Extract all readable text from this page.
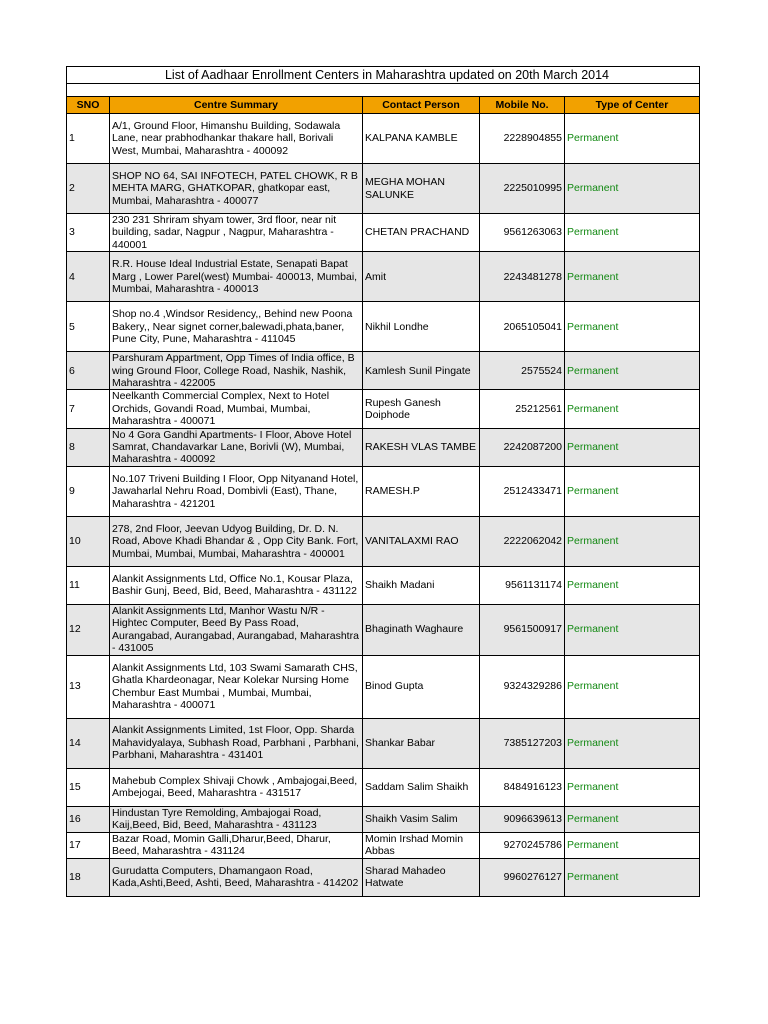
List of Aadhaar Enrollment Centers in Maharashtra updated on 20th March 2014				

SNO	Centre Summary	Contact Person	Mobile No.	Type of Center
1	A/1, Ground Floor, Himanshu Building, Sodawala Lane, near prabhodhankar thakare hall, Borivali West, Mumbai, Maharashtra - 400092	KALPANA KAMBLE	2228904855	Permanent
2	SHOP NO 64, SAI INFOTECH, PATEL CHOWK, R B MEHTA MARG, GHATKOPAR, ghatkopar east, Mumbai, Maharashtra - 400077	MEGHA MOHAN SALUNKE	2225010995	Permanent
3	230 231 Shriram shyam tower, 3rd floor, near nit building, sadar, Nagpur , Nagpur, Maharashtra - 440001	CHETAN PRACHAND	9561263063	Permanent
4	R.R. House Ideal Industrial Estate, Senapati Bapat Marg , Lower Parel(west) Mumbai- 400013, Mumbai, Mumbai, Maharashtra - 400013	Amit	2243481278	Permanent
5	Shop no.4 ,Windsor Residency,, Behind new Poona Bakery,, Near signet corner,balewadi,phata,baner, Pune City, Pune, Maharashtra - 411045	Nikhil Londhe	2065105041	Permanent
6	Parshuram Appartment, Opp Times of India office, B wing Ground Floor, College Road, Nashik, Nashik, Maharashtra - 422005	Kamlesh Sunil Pingate	2575524	Permanent
7	Neelkanth Commercial Complex, Next to Hotel Orchids, Govandi Road, Mumbai, Mumbai, Maharashtra - 400071	Rupesh Ganesh Doiphode	25212561	Permanent
8	No 4 Gora Gandhi Apartments- I Floor, Above Hotel Samrat, Chandavarkar Lane, Borivli (W), Mumbai, Maharashtra - 400092	RAKESH VLAS TAMBE	2242087200	Permanent
9	No.107 Triveni Building I Floor, Opp Nityanand Hotel, Jawaharlal Nehru Road, Dombivli (East), Thane, Maharashtra - 421201	RAMESH.P	2512433471	Permanent
10	278, 2nd Floor, Jeevan Udyog Building, Dr. D. N. Road, Above Khadi Bhandar & , Opp City Bank. Fort, Mumbai, Mumbai, Mumbai, Maharashtra - 400001	VANITALAXMI RAO	2222062042	Permanent
11	Alankit Assignments Ltd, Office No.1, Kousar Plaza, Bashir Gunj, Beed, Bid, Beed, Maharashtra - 431122	Shaikh Madani	9561131174	Permanent
12	Alankit Assignments Ltd, Manhor Wastu N/R - Hightec Computer, Beed By Pass Road, Aurangabad, Aurangabad, Aurangabad, Maharashtra - 431005	Bhaginath Waghaure	9561500917	Permanent
13	Alankit Assignments Ltd, 103 Swami Samarath CHS, Ghatla Khardeonagar, Near Kolekar Nursing Home Chembur East Mumbai , Mumbai, Mumbai, Maharashtra - 400071	Binod Gupta	9324329286	Permanent
14	Alankit Assignments Limited, 1st Floor, Opp. Sharda Mahavidyalaya, Subhash Road, Parbhani , Parbhani, Parbhani, Maharashtra - 431401	Shankar Babar	7385127203	Permanent
15	Mahebub Complex Shivaji Chowk , Ambajogai,Beed, Ambejogai, Beed, Maharashtra - 431517	Saddam Salim Shaikh	8484916123	Permanent
16	Hindustan Tyre Remolding, Ambajogai Road, Kaij,Beed, Bid, Beed, Maharashtra - 431123	Shaikh Vasim Salim	9096639613	Permanent
17	Bazar Road, Momin Galli,Dharur,Beed, Dharur, Beed, Maharashtra - 431124	Momin Irshad Momin Abbas	9270245786	Permanent
18	Gurudatta Computers, Dhamangaon Road, Kada,Ashti,Beed, Ashti, Beed, Maharashtra - 414202	Sharad Mahadeo Hatwate	9960276127	Permanent
